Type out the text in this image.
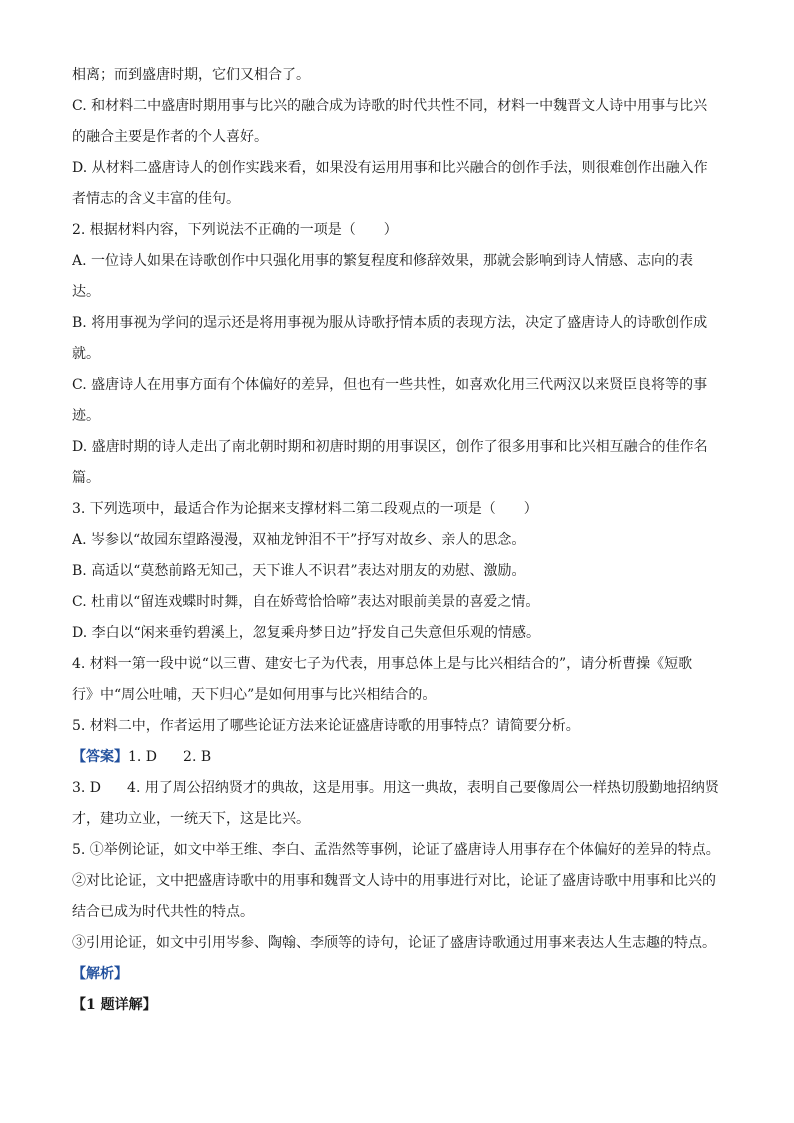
相离；而到盛唐时期，它们又相合了。
C. 和材料二中盛唐时期用事与比兴的融合成为诗歌的时代共性不同，材料一中魏晋文人诗中用事与比兴
的融合主要是作者的个人喜好。
D. 从材料二盛唐诗人的创作实践来看，如果没有运用用事和比兴融合的创作手法，则很难创作出融入作
者情志的含义丰富的佳句。
2. 根据材料内容，下列说法不正确的一项是（　　）
A. 一位诗人如果在诗歌创作中只强化用事的繁复程度和修辞效果，那就会影响到诗人情感、志向的表
达。
B. 将用事视为学问的逞示还是将用事视为服从诗歌抒情本质的表现方法，决定了盛唐诗人的诗歌创作成
就。
C. 盛唐诗人在用事方面有个体偏好的差异，但也有一些共性，如喜欢化用三代两汉以来贤臣良将等的事
迹。
D. 盛唐时期的诗人走出了南北朝时期和初唐时期的用事误区，创作了很多用事和比兴相互融合的佳作名
篇。
3. 下列选项中，最适合作为论据来支撑材料二第二段观点的一项是（　　）
A. 岑参以“故园东望路漫漫，双袖龙钟泪不干”抒写对故乡、亲人的思念。
B. 高适以“莫愁前路无知己，天下谁人不识君”表达对朋友的劝慰、激励。
C. 杜甫以“留连戏蝶时时舞，自在娇莺恰恰啼”表达对眼前美景的喜爱之情。
D. 李白以“闲来垂钓碧溪上，忽复乘舟梦日边”抒发自己失意但乐观的情感。
4. 材料一第一段中说“以三曹、建安七子为代表，用事总体上是与比兴相结合的”，请分析曹操《短歌
行》中“周公吐哺，天下归心”是如何用事与比兴相结合的。
5. 材料二中，作者运用了哪些论证方法来论证盛唐诗歌的用事特点？请简要分析。
【答案】1. D 2. B
3. D 4. 用了周公招纳贤才的典故，这是用事。用这一典故，表明自己要像周公一样热切殷勤地招纳贤
才，建功立业，一统天下，这是比兴。
5. ①举例论证，如文中举王维、李白、孟浩然等事例，论证了盛唐诗人用事存在个体偏好的差异的特点。
②对比论证，文中把盛唐诗歌中的用事和魏晋文人诗中的用事进行对比，论证了盛唐诗歌中用事和比兴的
结合已成为时代共性的特点。
③引用论证，如文中引用岑参、陶翰、李颀等的诗句，论证了盛唐诗歌通过用事来表达人生志趣的特点。
【解析】
【1 题详解】
